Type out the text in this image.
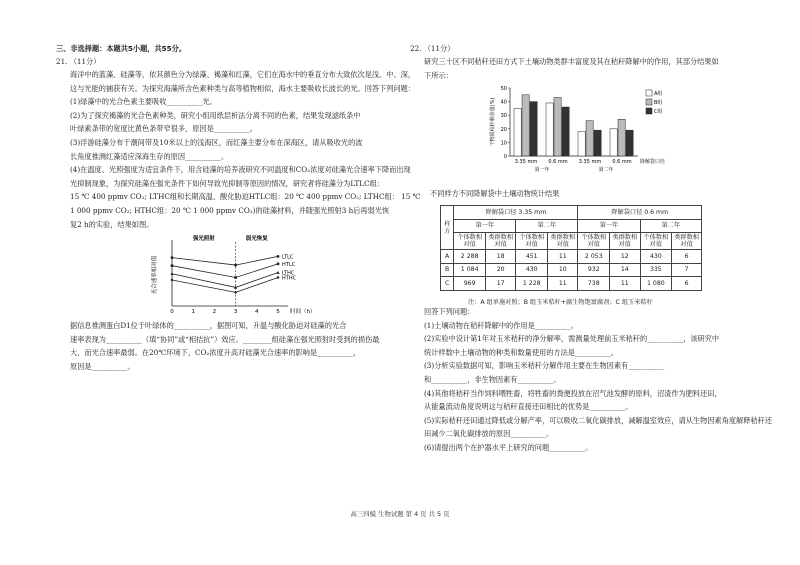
三、非选择题：本题共5小题，共55分。
21. （11分）
海洋中的蓝藻、硅藻等，依其颜色分为绿藻、褐藻和红藻，它们在海水中的垂直分布大致依次是浅、中、深，
这与光能的捕获有关。为探究海藻所含色素种类与高等植物相似，海水主要吸收长波长的光。回答下列问题：
(1)绿藻中的光合色素主要吸收__________光。
(2)为了探究褐藻的光合色素种类，研究小组用纸层析法分离不同的色素，结果发现滤纸条中
叶绿素条带的宽度比黄色条带窄很多，原因是__________。
(3)浮游硅藻分布于潮间带及10米以上的浅海区，而红藻主要分布在深海区，请从吸收光的波
长角度推测红藻适应深海生存的原因__________。
(4)在温度、光照强度为适宜条件下，用含硅藻的培养液研究不同温度和CO₂浓度对硅藻光合速率下降而出现
光抑制现象，为探究硅藻在强光条件下如何导致光抑制等原因的情况，研究者将硅藻分为LTLC组：
15 ℃ 400 ppmv CO₂; LTHC组和长期高温、酸化胁迫HTLC组：20 ℃ 400 ppmv CO₂; LTHC组： 15 ℃
1 000 ppmv CO₂; HTHC组：20 ℃ 1 000 ppmv CO₂)的硅藻材料，并随强光照射3 h后再弱光恢
复2 h的实验，结果如图。
据信息推测蛋白D1位于叶绿体的__________，据图可知，升温与酸化胁迫对硅藻的光合
速率表现为__________（填“协同”或“相拮抗”）效应。________组硅藻在强光照射时受到的损伤最
大，而光合速率最弱。在20℃环境下，CO₂浓度升高对硅藻光合速率的影响是__________，
原因是__________。
光合速率相对值
强光照射	弱光恢复
0	1	2	3	4	5 时间（h）
LTLC
HTLC
LTHC
HTHC
22. （11分）
研究三十区不同秸秆还田方式下土壤动物类群丰富度及其在秸秆降解中的作用，其部分结果如
下所示：
不同样方不同降解袋中土壤动物统计结果
回答下列问题：
(1)土壤动物在秸秆降解中的作用是__________。
(2)实验中设计第1年对玉米秸秆的净分解率，需测量处理前玉米秸秆的__________，该研究中
统计样数中土壤动物的种类和数量使用的方法是__________。
(3)分析实验数据可知，影响玉米秸秆分解作用主要在生物因素有__________
和__________，非生物因素有__________。
(4)其他将秸秆当作饲料喂牲畜，将牲畜的粪便投放在沼气池发酵的原料，沼渣作为肥料还田，
从能量流动角度说明这与秸秆直接还田相比的优势是__________。
(5)实际秸秆还田通过降低或分解产率，可以吸收二氧化碳排放，减解温室效应，请从生物因素角度解释秸秆还
田减少二氧化碳排放的原因__________。
(6)请提出两个在护器水平上研究的问题__________。
50
40
30
20
10
0
干物质秸秆剩余量(%)
3.35 mm 0.6 mm 3.35 mm 0.6 mm
第一年	第二年
降解袋口径
A组
B组
C组
样方	降解袋口径 3.35 mm				降解袋口径 0.6 mm			
	第一年		第二年		第一年		第二年	
	个体数相对值	类群数相对值	个体数相对值	类群数相对值	个体数相对值	类群数相对值	个体数相对值	类群数相对值
A	2 288	18	451	11	2 053	12	430	6
B	1 084	20	430	10	932	14	335	7
C	969	17	1 228	11	738	11	1 080	6
注：A 组单施对照；B 组玉米秸秆+腐生物饱富腐剂；C 组玉米秸秆
高三四模 生物试题 第 4 页 共 5 页
